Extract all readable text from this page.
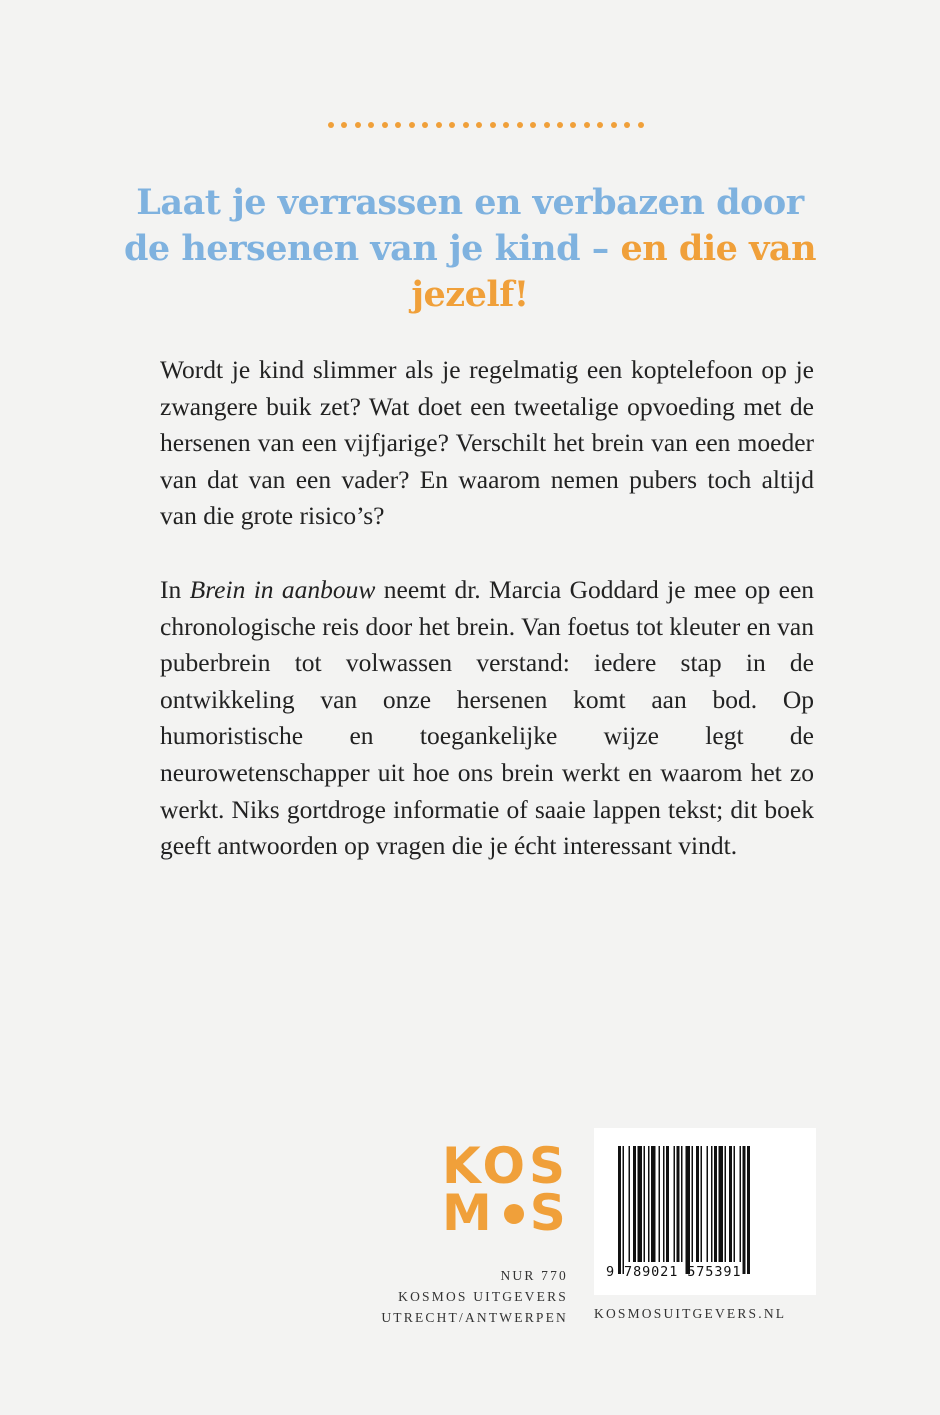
Laat je verrassen en verbazen door de hersenen van je kind – en die van jezelf!

Wordt je kind slimmer als je regelmatig een koptelefoon op je zwangere buik zet? Wat doet een tweetalige opvoeding met de hersenen van een vijfjarige? Verschilt het brein van een moeder van dat van een vader? En waarom nemen pubers toch altijd van die grote risico’s?

In Brein in aanbouw neemt dr. Marcia Goddard je mee op een chronologische reis door het brein. Van foetus tot kleuter en van puberbrein tot volwassen verstand: iedere stap in de ontwikkeling van onze hersenen komt aan bod. Op humoristische en toegankelijke wijze legt de neurowetenschapper uit hoe ons brein werkt en waarom het zo werkt. Niks gortdroge informatie of saaie lappen tekst; dit boek geeft antwoorden op vragen die je écht interessant vindt.

KOS
M S
NUR 770
KOSMOS UITGEVERS
UTRECHT/ANTWERPEN
9 789021 575391
KOSMOSUITGEVERS.NL
